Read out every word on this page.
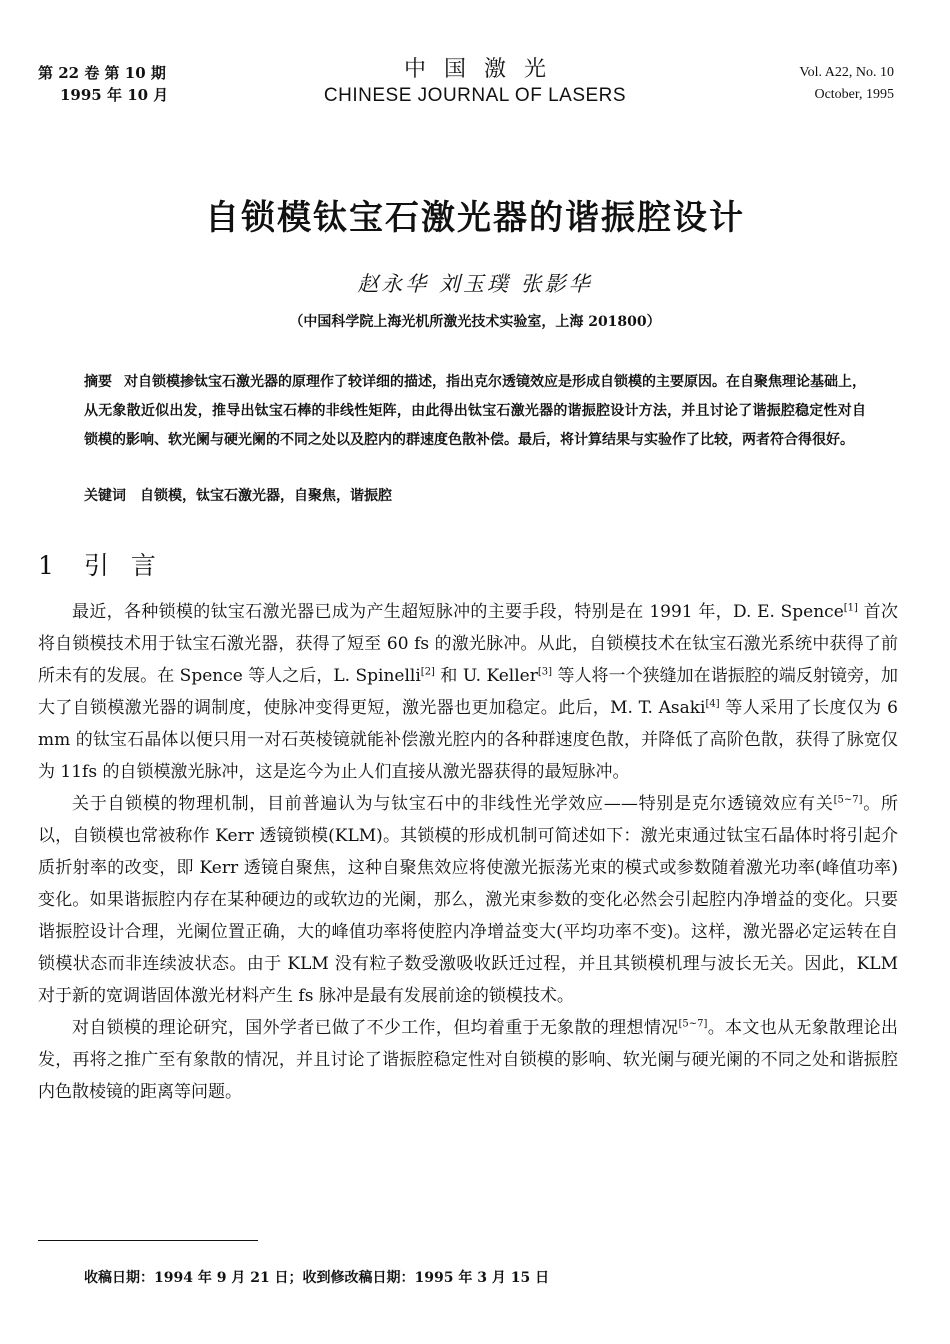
第 22 卷 第 10 期
1995 年 10 月
中国激光
CHINESE JOURNAL OF LASERS
Vol. A22, No. 10
October, 1995
自锁模钛宝石激光器的谐振腔设计
赵永华 刘玉璞 张影华
（中国科学院上海光机所激光技术实验室，上海 201800）
摘要 对自锁模掺钛宝石激光器的原理作了较详细的描述，指出克尔透镜效应是形成自锁模的主要原因。在自聚焦理论基础上，从无象散近似出发，推导出钛宝石棒的非线性矩阵，由此得出钛宝石激光器的谐振腔设计方法，并且讨论了谐振腔稳定性对自锁模的影响、软光阑与硬光阑的不同之处以及腔内的群速度色散补偿。最后，将计算结果与实验作了比较，两者符合得很好。
关键词 自锁模，钛宝石激光器，自聚焦，谐振腔
1 引言

最近，各种锁模的钛宝石激光器已成为产生超短脉冲的主要手段，特别是在 1991 年，D. E. Spence[1] 首次将自锁模技术用于钛宝石激光器，获得了短至 60 fs 的激光脉冲。从此，自锁模技术在钛宝石激光系统中获得了前所未有的发展。在 Spence 等人之后，L. Spinelli[2] 和 U. Keller[3] 等人将一个狭缝加在谐振腔的端反射镜旁，加大了自锁模激光器的调制度，使脉冲变得更短，激光器也更加稳定。此后，M. T. Asaki[4] 等人采用了长度仅为 6 mm 的钛宝石晶体以便只用一对石英棱镜就能补偿激光腔内的各种群速度色散，并降低了高阶色散，获得了脉宽仅为 11fs 的自锁模激光脉冲，这是迄今为止人们直接从激光器获得的最短脉冲。

关于自锁模的物理机制，目前普遍认为与钛宝石中的非线性光学效应——特别是克尔透镜效应有关[5~7]。所以，自锁模也常被称作 Kerr 透镜锁模(KLM)。其锁模的形成机制可简述如下：激光束通过钛宝石晶体时将引起介质折射率的改变，即 Kerr 透镜自聚焦，这种自聚焦效应将使激光振荡光束的模式或参数随着激光功率(峰值功率)变化。如果谐振腔内存在某种硬边的或软边的光阑，那么，激光束参数的变化必然会引起腔内净增益的变化。只要谐振腔设计合理，光阑位置正确，大的峰值功率将使腔内净增益变大(平均功率不变)。这样，激光器必定运转在自锁模状态而非连续波状态。由于 KLM 没有粒子数受激吸收跃迁过程，并且其锁模机理与波长无关。因此，KLM 对于新的宽调谐固体激光材料产生 fs 脉冲是最有发展前途的锁模技术。

对自锁模的理论研究，国外学者已做了不少工作，但均着重于无象散的理想情况[5~7]。本文也从无象散理论出发，再将之推广至有象散的情况，并且讨论了谐振腔稳定性对自锁模的影响、软光阑与硬光阑的不同之处和谐振腔内色散棱镜的距离等问题。

收稿日期：1994 年 9 月 21 日；收到修改稿日期：1995 年 3 月 15 日
